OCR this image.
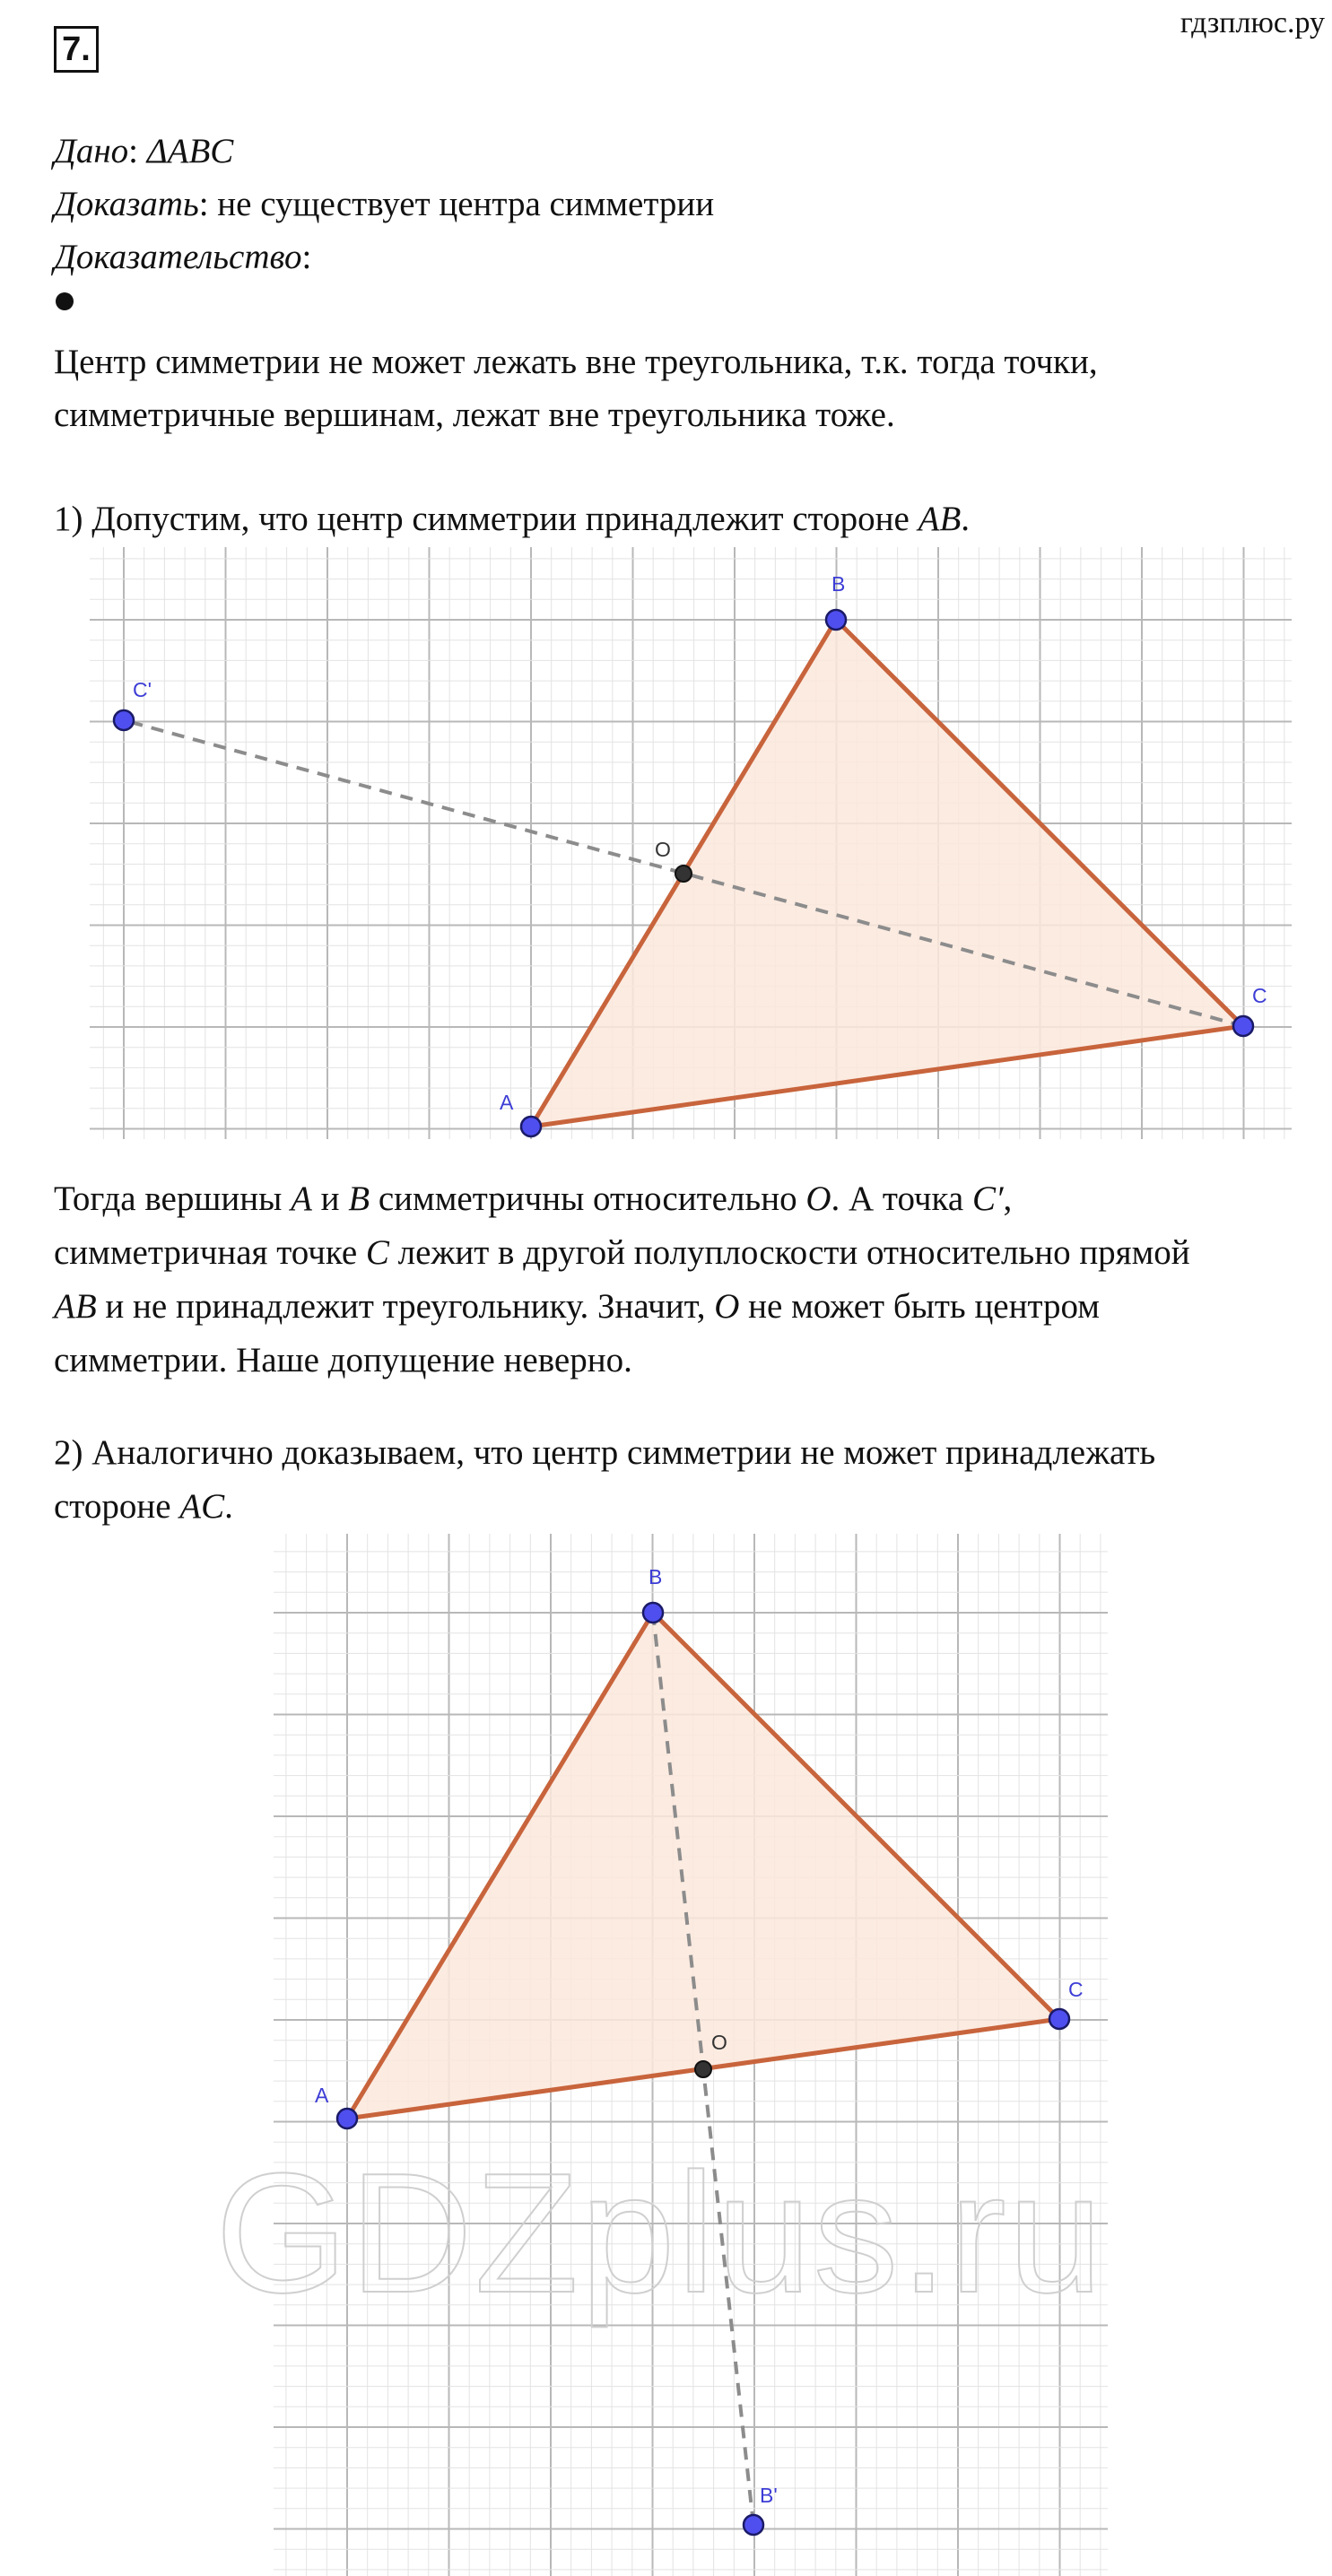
7.
гдзплюс.ру
Дано: ΔABC
Доказать: не существует центра симметрии
Доказательство:
Центр симметрии не может лежать вне треугольника, т.к. тогда точки,
симметричные вершинам, лежат вне треугольника тоже.
1) Допустим, что центр симметрии принадлежит стороне AB.
A
B
C
C'
O
Тогда вершины A и B симметричны относительно O. А точка C′,
симметричная точке C лежит в другой полуплоскости относительно прямой
AB и не принадлежит треугольнику. Значит, O не может быть центром
симметрии. Наше допущение неверно.
2) Аналогично доказываем, что центр симметрии не может принадлежать
стороне AC.
A
B
C
B'
O
GDZplus.ru
